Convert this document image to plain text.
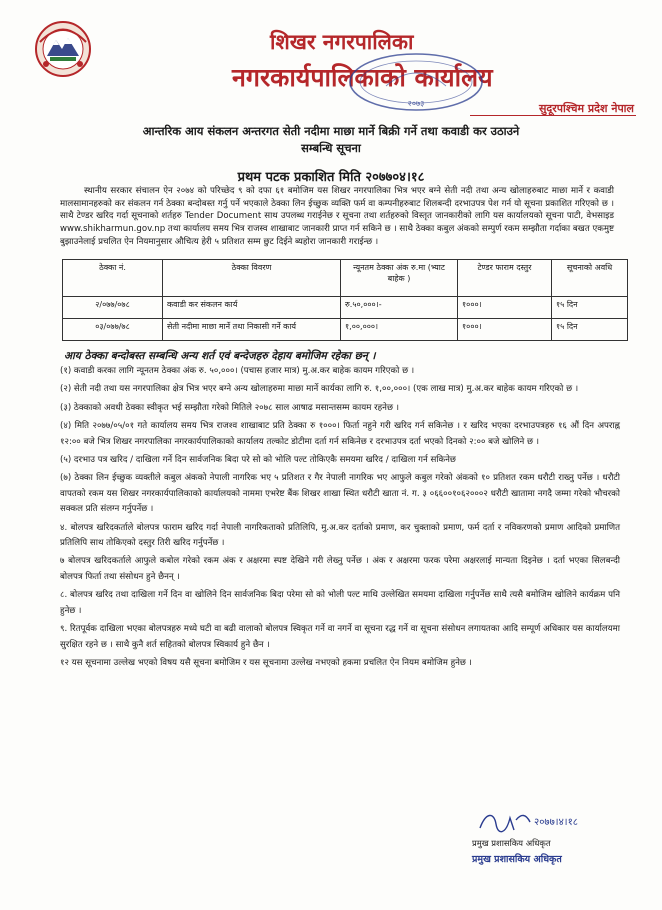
शिखर नगरपालिका
नगरकार्यपालिकाको कार्यालय
२०७३	सुदूरपश्चिम प्रदेश नेपाल
आन्तरिक आय संकलन अन्तरगत सेती नदीमा माछा मार्ने बिक्री गर्ने तथा कवाडी कर उठाउने
सम्बन्धि सूचना
प्रथम पटक प्रकाशित मिति २०७७०४।१८
स्थानीय सरकार संचालन ऐन २०७४ को परिच्छेद ९ को दफा ६१ बमोजिम यस शिखर नगरपालिका भित्र भएर बग्ने सेती नदी तथा अन्य खोलाहरुबाट माछा मार्ने र कवाडी मालसामानहरुको कर संकलन गर्न ठेक्का बन्दोबस्त गर्नु पर्ने भएकाले ठेक्का लिन ईच्छुक व्यक्ति फर्म वा कम्पनीहरुबाट शिलबन्दी दरभाउपत्र पेश गर्न यो सूचना प्रकाशित गरिएको छ । साथै टेण्डर खरिद गर्दा सूचनाको शर्तहरु Tender Document साथ उपलब्ध गराईनेछ र सूचना तथा शर्तहरुको विस्तृत जानकारीको लागि यस कार्यालयको सूचना पाटी, वेभसाइड www.shikharmun.gov.np तथा कार्यालय समय भित्र राजस्व शाखाबाट जानकारी प्राप्त गर्न सकिने छ । साथै ठेक्का कबुल अंकको सम्पुर्ण रकम सम्झौता गर्दाका बखत एकमुष्ट बुझाउनेलाई प्रचलित ऐन नियमानुसार औचित्य हेरी ५ प्रतिशत सम्म छुट दिईने ब्यहोरा जानकारी गराईन्छ ।
ठेक्का नं.	ठेक्का विवरण	न्यूनतम ठेक्का अंक रु.मा (भ्याट बाहेक )	टेण्डर फाराम दस्तुर	सूचनाको अवधि
२/०७७/०७८	कवाडी कर संकलन कार्य	रु.५०,०००।-	१०००।	१५ दिन
०३/०७७/७८	सेती नदीमा माछा मार्ने तथा निकासी गर्ने कार्य	१,००,०००।	१०००।	१५ दिन
आय ठेक्का बन्दोबस्त सम्बन्धि अन्य शर्त एवं बन्देजहरु देहाय बमोजिम रहेका छन् ।

(१) कवाडी करका लागि न्यूनतम ठेक्का अंक रु. ५०,०००। (पचास हजार मात्र) मु.अ.कर बाहेक कायम गरिएको छ ।

(२) सेती नदी तथा यस नगरपालिका क्षेत्र भित्र भएर बग्ने अन्य खोलाहरुमा माछा मार्ने कार्यका लागि रु. १,००,०००। (एक लाख मात्र) मु.अ.कर बाहेक कायम गरिएको छ ।

(३) ठेक्काको अवधी ठेक्का स्वीकृत भई सम्झौता गरेको मितिले २०७८ साल आषाढ मसान्तसम्म कायम रहनेछ ।

(४) मिति २०७७/०५/०१ गते कार्यालय समय भित्र राजश्व शाखाबाट प्रति ठेक्का रु १०००। फिर्ता नहुने गरी खरिद गर्न सकिनेछ । र खरिद भएका दरभाउपत्रहरु १६ औं दिन अपराह्न १२:०० बजे भित्र शिखर नगरपालिका नगरकार्यपालिकाको कार्यालय तल्कोट डोटीमा दर्ता गर्न सकिनेछ र दरभाउपत्र दर्ता भएको दिनको २:०० बजे खोलिने छ ।

(५) दरभाउ पत्र खरिद / दाखिला गर्ने दिन सार्वजनिक बिदा परे सो को भोलि पल्ट तोकिएकै समयमा खरिद / दाखिला गर्न सकिनेछ

(७) ठेक्का लिन ईच्छुक व्यक्तीले कबुल अंकको नेपाली नागरिक भए ५ प्रतिशत र गैर नेपाली नागरिक भए आफुले कबुल गरेको अंकको १० प्रतिशत रकम धरौटी राख्नु पर्नेछ । धरौटी वापतको रकम यस शिखर नगरकार्यपालिकाको कार्यालयको नाममा एभरेष्ट बैंक शिखर शाखा स्थित धरौटी खाता नं. ग. ३ ०६६००१०६२०००२ धरौटी खातामा नगदै जम्मा गरेको भौचरको सक्कल प्रति संलग्न गर्नुपर्नेछ ।

४. बोलपत्र खरिदकर्ताले बोलपत्र फाराम खरिद गर्दा नेपाली नागरिकताको प्रतिलिपि, मु.अ.कर दर्ताको प्रमाण, कर चुक्ताको प्रमाण, फर्म दर्ता र नविकरणको प्रमाण आदिको प्रमाणित प्रतिलिपि साथ तोकिएको दस्तुर तिरी खरिद गर्नुपर्नेछ ।

७ बोलपत्र खरिदकर्ताले आफुले कबोल गरेको रकम अंक र अक्षरमा स्पष्ट देखिने गरी लेख्नु पर्नेछ । अंक र अक्षरमा फरक परेमा अक्षरलाई मान्यता दिइनेछ । दर्ता भएका सिलबन्दी बोलपत्र फिर्ता तथा संसोधन हुने छैनन् ।

८. बोलपत्र खरिद तथा दाखिला गर्ने दिन वा खोलिने दिन सार्वजनिक बिदा परेमा सो को भोली पल्ट माथि उल्लेखित समयमा दाखिला गर्नुपर्नेछ साथै त्यसै बमोजिम खोलिने कार्यक्रम पनि हुनेछ ।

९. रितपूर्वक दाखिला भएका बोलपत्रहरु मध्ये घटी वा बढी वालाको बोलपत्र स्विकृत गर्ने वा नगर्ने वा सूचना रद्ध गर्ने वा सूचना संसोधन लगायतका आदि सम्पूर्ण अधिकार यस कार्यालयमा सुरक्षित रहने छ । साथै कुनै शर्त सहितको बोलपत्र स्विकार्य हुने छैन ।

१२ यस सूचनामा उल्लेख भएको विषय यसै सूचना बमोजिम र यस सूचनामा उल्लेख नभएको हकमा प्रचलित ऐन नियम बमोजिम हुनेछ ।

२०७७।४।१८
प्रमुख प्रशासकिय अधिकृत
प्रमुख प्रशासकिय अधिकृत
